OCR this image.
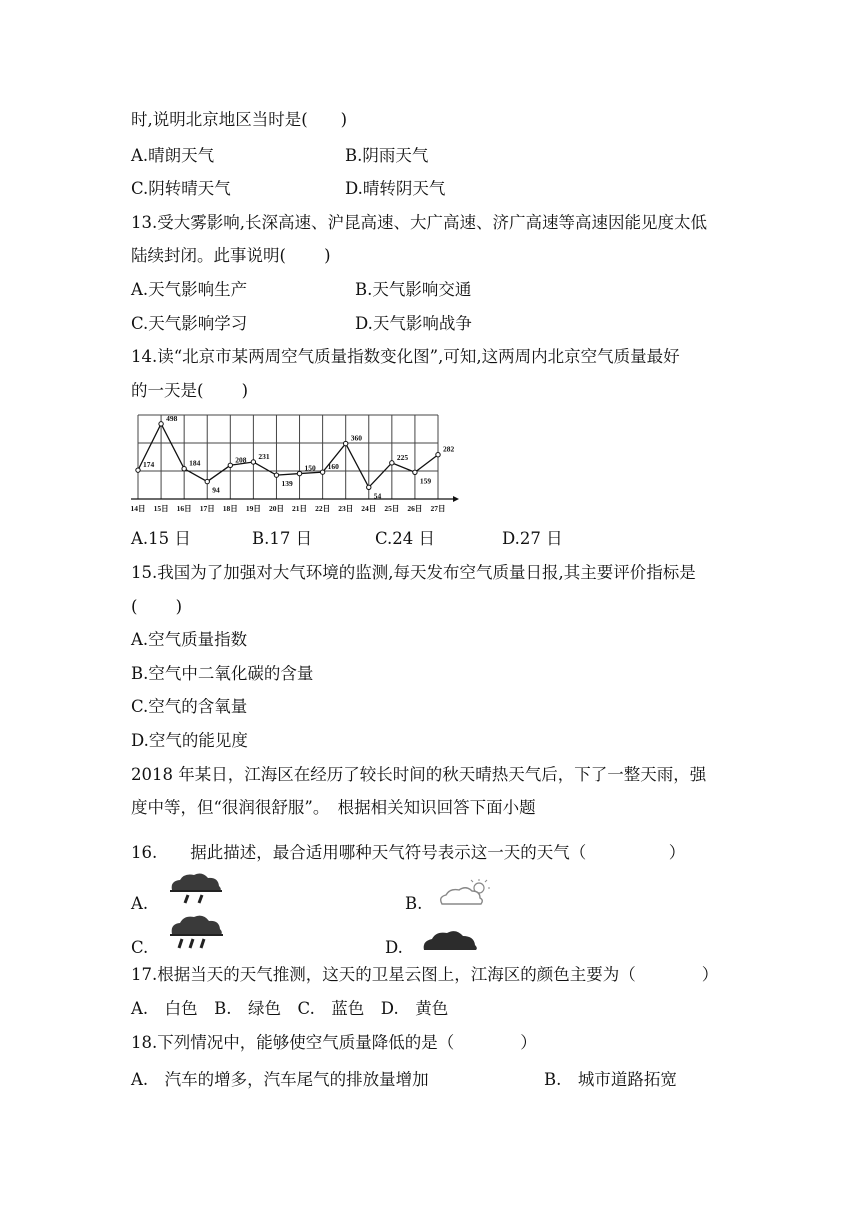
时,说明北京地区当时是(　　)
A.晴朗天气	B.阴雨天气
C.阴转晴天气	D.晴转阴天气
13.受大雾影响,长深高速、沪昆高速、大广高速、济广高速等高速因能见度太低
陆续封闭。此事说明(　　 )
A.天气影响生产	B.天气影响交通
C.天气影响学习	D.天气影响战争
14.读“北京市某两周空气质量指数变化图”,可知,这两周内北京空气质量最好
的一天是(　　 )
174
498
184
94
208 231
139
150 160
360
54
225
159
282
14日 15日 16日 17日 18日 19日 20日 21日 22日 23日 24日 25日 26日 27日
A.15 日	B.17 日	C.24 日	D.27 日
15.我国为了加强对大气环境的监测,每天发布空气质量日报,其主要评价指标是
(　　 )
A.空气质量指数
B.空气中二氧化碳的含量
C.空气的含氧量
D.空气的能见度
2018 年某日，江海区在经历了较长时间的秋天晴热天气后，下了一整天雨，强
度中等，但“很润很舒服”。　根据相关知识回答下面小题
16.　　据此描述，最合适用哪种天气符号表示这一天的天气（　　　　　）
A.	B.
C.	D.
17.根据当天的天气推测，这天的卫星云图上，江海区的颜色主要为（　　　　）
A.　白色　B.　绿色　C.　蓝色　D.　黄色
18.下列情况中，能够使空气质量降低的是（　　　　）
A.　汽车的增多，汽车尾气的排放量增加	B.　城市道路拓宽
